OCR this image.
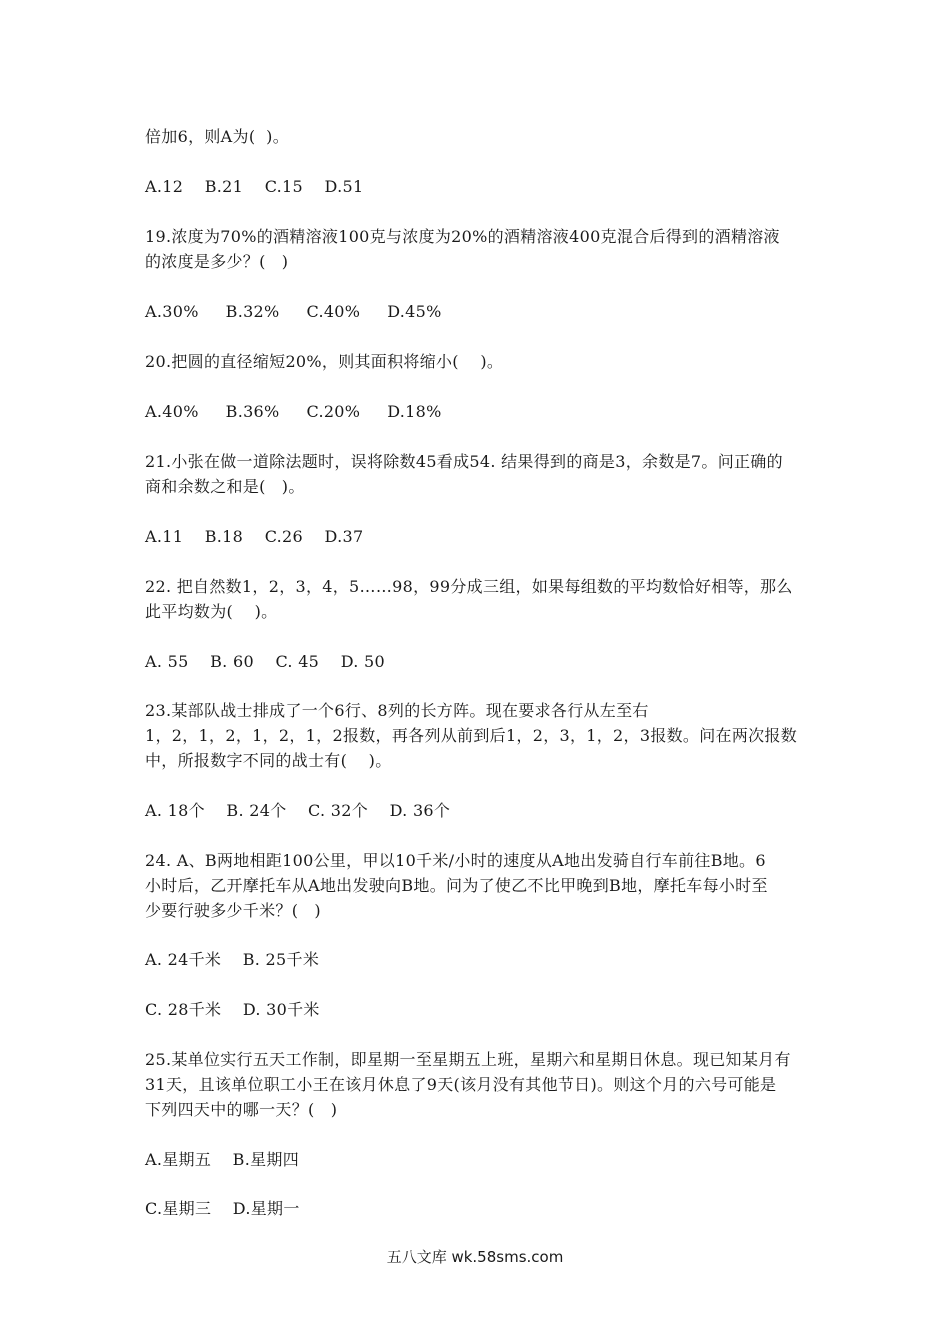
倍加6，则A为(  )。
A.12    B.21    C.15    D.51
19.浓度为70%的酒精溶液100克与浓度为20%的酒精溶液400克混合后得到的酒精溶液
的浓度是多少？(   )
A.30%     B.32%     C.40%     D.45%
20.把圆的直径缩短20%，则其面积将缩小(    )。
A.40%     B.36%     C.20%     D.18%
21.小张在做一道除法题时，误将除数45看成54. 结果得到的商是3，余数是7。问正确的
商和余数之和是(   )。
A.11    B.18    C.26    D.37
22. 把自然数1，2，3，4，5……98，99分成三组，如果每组数的平均数恰好相等，那么
此平均数为(    )。
A. 55    B. 60    C. 45    D. 50
23.某部队战士排成了一个6行、8列的长方阵。现在要求各行从左至右
1，2，1，2，1，2，1，2报数，再各列从前到后1，2，3，1，2，3报数。问在两次报数
中，所报数字不同的战士有(    )。
A. 18个    B. 24个    C. 32个    D. 36个
24. A、B两地相距100公里，甲以10千米/小时的速度从A地出发骑自行车前往B地。6
小时后，乙开摩托车从A地出发驶向B地。问为了使乙不比甲晚到B地，摩托车每小时至
少要行驶多少千米？(   )
A. 24千米    B. 25千米
C. 28千米    D. 30千米
25.某单位实行五天工作制，即星期一至星期五上班，星期六和星期日休息。现已知某月有
31天，且该单位职工小王在该月休息了9天(该月没有其他节日)。则这个月的六号可能是
下列四天中的哪一天？(   )
A.星期五    B.星期四
C.星期三    D.星期一
五八文库 wk.58sms.com
